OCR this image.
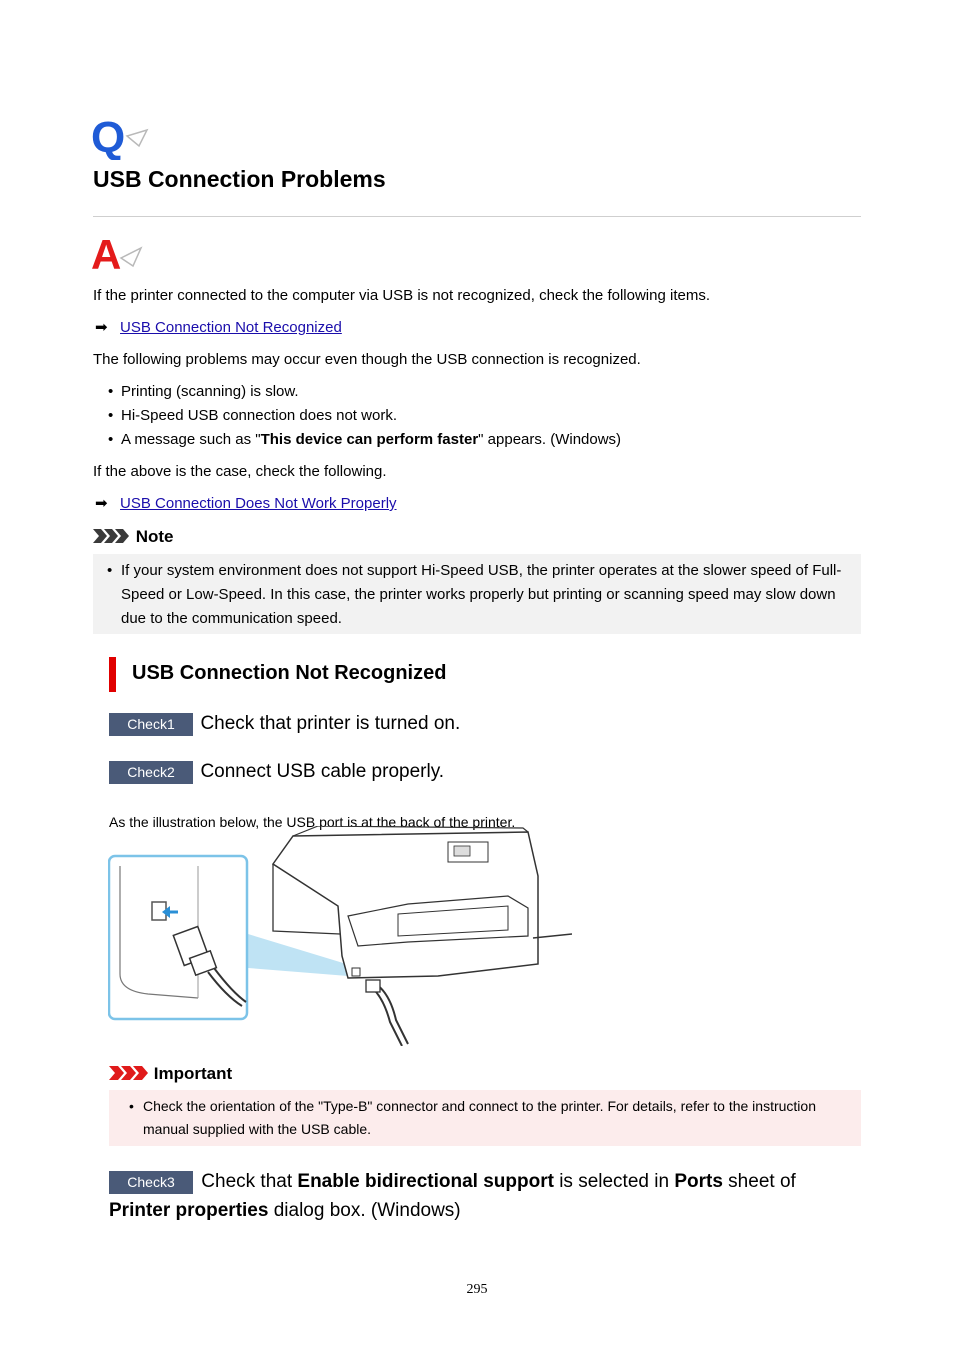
Q
USB Connection Problems
A

If the printer connected to the computer via USB is not recognized, check the following items.

➡ USB Connection Not Recognized

The following problems may occur even though the USB connection is recognized.

• Printing (scanning) is slow.
• Hi-Speed USB connection does not work.
• A message such as "This device can perform faster" appears. (Windows)

If the above is the case, check the following.

➡ USB Connection Does Not Work Properly
Note
• If your system environment does not support Hi-Speed USB, the printer operates at the slower speed of Full-Speed or Low-Speed. In this case, the printer works properly but printing or scanning speed may slow down due to the communication speed.
USB Connection Not Recognized
Check1 Check that printer is turned on.
Check2 Connect USB cable properly.

As the illustration below, the USB port is at the back of the printer.

Important
• Check the orientation of the "Type-B" connector and connect to the printer. For details, refer to the instruction manual supplied with the USB cable.
Check3 Check that Enable bidirectional support is selected in Ports sheet of
Printer properties dialog box. (Windows)
295
